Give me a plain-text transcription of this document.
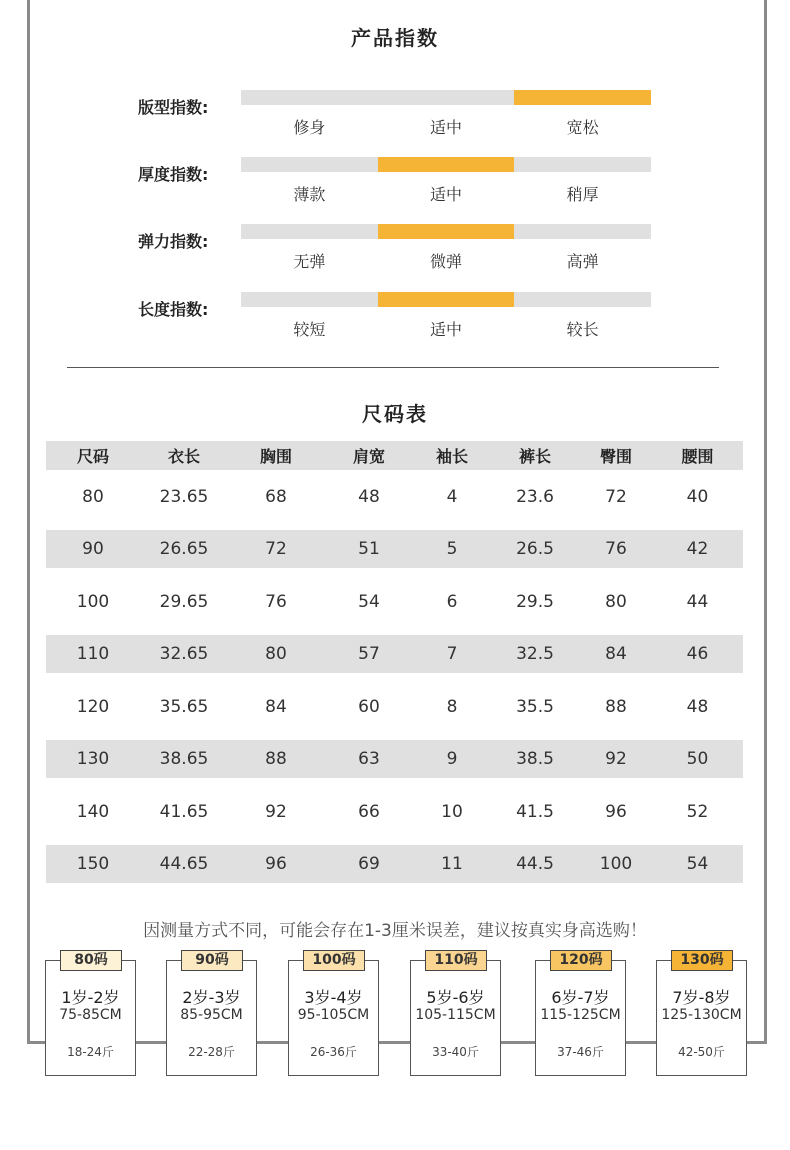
产品指数
版型指数:
修身	适中	宽松
厚度指数:
薄款	适中	稍厚
弹力指数:
无弹	微弹	高弹
长度指数:
较短	适中	较长
尺码表
尺码	衣长	胸围	肩宽	袖长	裤长	臀围	腰围
80	23.65	68	48	4	23.6	72	40
90	26.65	72	51	5	26.5	76	42
100	29.65	76	54	6	29.5	80	44
110	32.65	80	57	7	32.5	84	46
120	35.65	84	60	8	35.5	88	48
130	38.65	88	63	9	38.5	92	50
140	41.65	92	66	10	41.5	96	52
150	44.65	96	69	11	44.5	100	54
因测量方式不同，可能会存在1-3厘米误差，建议按真实身高选购！
80码
1岁-2岁
75-85CM
18-24斤
90码
2岁-3岁
85-95CM
22-28斤
100码
3岁-4岁
95-105CM
26-36斤
110码
5岁-6岁
105-115CM
33-40斤
120码
6岁-7岁
115-125CM
37-46斤
130码
7岁-8岁
125-130CM
42-50斤
